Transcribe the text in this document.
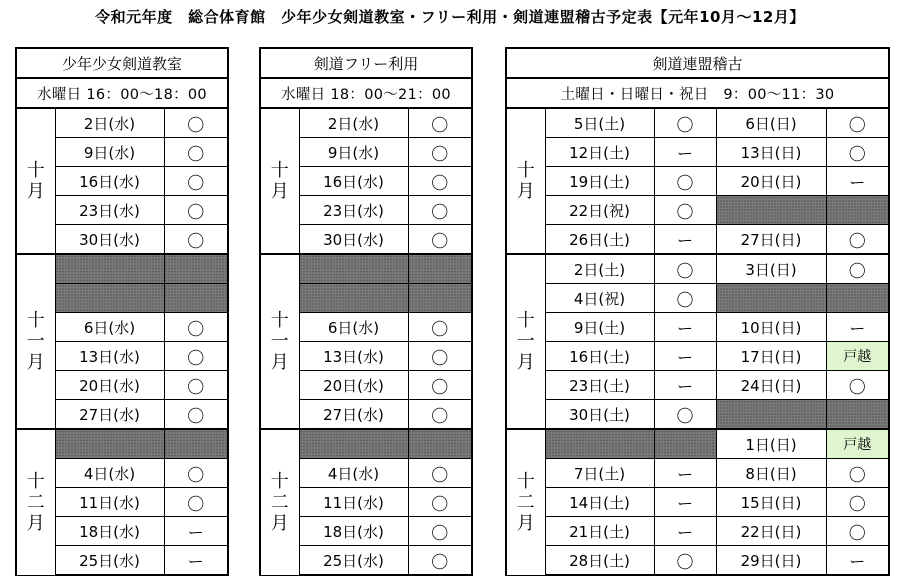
令和元年度　総合体育館　少年少女剣道教室・フリー利用・剣道連盟稽古予定表【元年10月～12月】
少年少女剣道教室		
水曜日 16：00～18：00		

十
月	2日(水)	〇
	9日(水)	〇
	16日(水)	〇
	23日(水)	〇
	30日(水)	〇

十
一
月		

	6日(水)	〇
	13日(水)	〇
	20日(水)	〇
	27日(水)	〇

十
二
月		

	4日(水)	〇
	11日(水)	〇
	18日(水)	ー
	25日(水)	ー
剣道フリー利用		
水曜日 18：00～21：00		

十
月	2日(水)	〇
	9日(水)	〇
	16日(水)	〇
	23日(水)	〇
	30日(水)	〇

十
一
月		

	6日(水)	〇
	13日(水)	〇
	20日(水)	〇
	27日(水)	〇

十
二
月		

	4日(水)	〇
	11日(水)	〇
	18日(水)	〇
	25日(水)	〇
剣道連盟稽古				
土曜日・日曜日・祝日　9：00～11：30				

十
月	5日(土)	〇	6日(日)	〇
	12日(土)	ー	13日(日)	〇
	19日(土)	〇	20日(日)	ー
	22日(祝)	〇		
	26日(土)	ー	27日(日)	〇

十
一
月	2日(土)	〇	3日(日)	〇
	4日(祝)	〇		
	9日(土)	ー	10日(日)	ー
	16日(土)	ー	17日(日)	戸越
	23日(土)	ー	24日(日)	〇
	30日(土)	〇		

十
二
月			1日(日)	戸越
	7日(土)	ー	8日(日)	〇
	14日(土)	ー	15日(日)	〇
	21日(土)	ー	22日(日)	〇
	28日(土)	〇	29日(日)	ー
